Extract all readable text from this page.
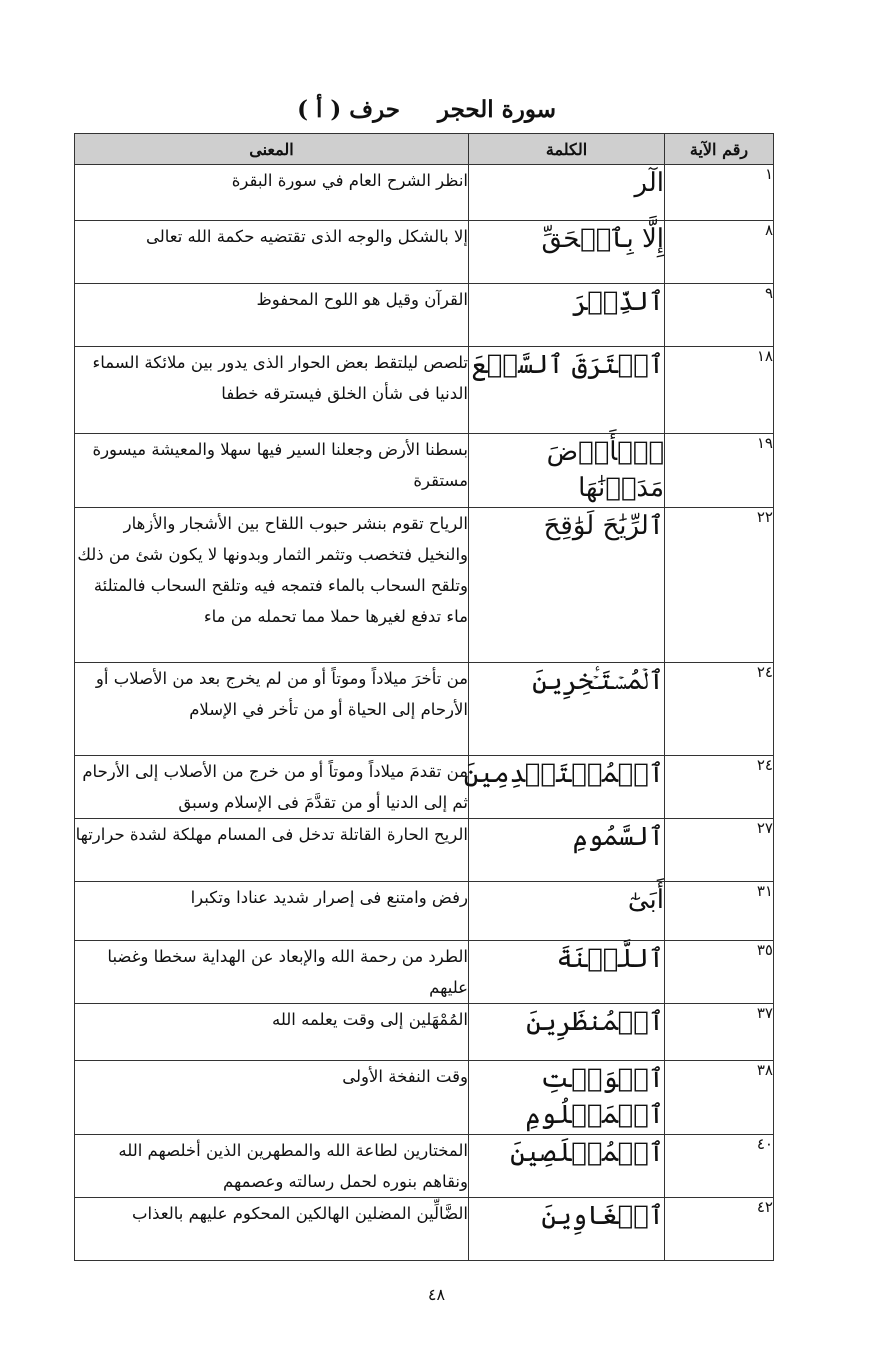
سورة الحجر
حرف ( أ )
رقم الآية	الكلمة	المعنى
١	الٓر	انظر الشرح العام في سورة البقرة
٨	إِلَّا بِٱلۡحَقِّ	إلا بالشكل والوجه الذى تقتضيه حكمة الله تعالى
٩	ٱلذِّكۡرَ	القرآن وقيل هو اللوح المحفوظ
١٨	ٱسۡتَرَقَ ٱلسَّمۡعَ	تلصص ليلتقط بعض الحوار الذى يدور بين ملائكة السماء الدنيا فى شأن الخلق فيسترقه خطفا
١٩	ٱلۡأَرۡضَ مَدَدۡنَٰهَا	بسطنا الأرض وجعلنا السير فيها سهلا والمعيشة ميسورة مستقرة
٢٢	ٱلرِّيَٰحَ لَوَٰقِحَ	الرياح تقوم بنشر حبوب اللقاح بين الأشجار والأزهار والنخيل فتخصب وتثمر الثمار وبدونها لا يكون شئ من ذلك وتلقح السحاب بالماء فتمجه فيه وتلقح السحاب فالمتلئة ماء تدفع لغيرها حملا مما تحمله من ماء
٢٤	ٱلۡمُسۡتَـٔۡخِرِينَ	من تأخرَ ميلاداً وموتاً أو من لم يخرج بعد من الأصلاب أو الأرحام إلى الحياة أو من تأخر في الإسلام
٢٤	ٱلۡمُسۡتَقۡدِمِينَ	من تقدمَ ميلاداً وموتاً أو من خرج من الأصلاب إلى الأرحام ثم إلى الدنيا أو من تقدَّمَ فى الإسلام وسبق
٢٧	ٱلسَّمُومِ	الريح الحارة القاتلة تدخل فى المسام مهلكة لشدة حرارتها
٣١	أَبَىٰٓ	رفض وامتنع فى إصرار شديد عنادا وتكبرا
٣٥	ٱللَّعۡنَةَ	الطرد من رحمة الله والإبعاد عن الهداية سخطا وغضبا عليهم
٣٧	ٱلۡمُنظَرِينَ	المُمْهَلين إلى وقت يعلمه الله
٣٨	ٱلۡوَقۡتِ ٱلۡمَعۡلُومِ	وقت النفخة الأولى
٤٠	ٱلۡمُخۡلَصِينَ	المختارين لطاعة الله والمطهرين الذين أخلصهم الله ونقاهم بنوره لحمل رسالته وعصمهم
٤٢	ٱلۡغَاوِينَ	الضَّالِّين المضلين الهالكين المحكوم عليهم بالعذاب
٤٨
